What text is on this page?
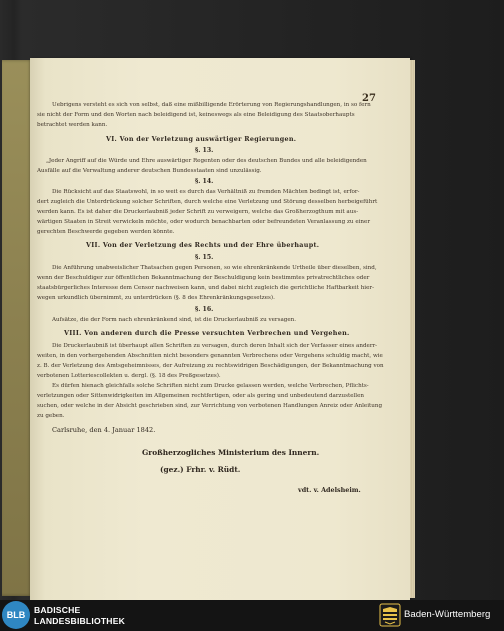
27
Uebrigens versteht es sich von selbst, daß eine mißbilligende Erörterung von Regierungshandlungen, in so fern
sie nicht der Form und den Worten nach beleidigend ist, keineswegs als eine Beleidigung des Staatsoberhaupts
betrachtet werden kann.
VI. Von der Verletzung auswärtiger Regierungen.
§. 13.
„Jeder Angriff auf die Würde und Ehre auswärtiger Regenten oder des deutschen Bundes und alle beleidigenden
Ausfälle auf die Verwaltung anderer deutschen Bundesstaaten sind unzulässig.
§. 14.
Die Rücksicht auf das Staatswohl, in so weit es durch das Verhältniß zu fremden Mächten bedingt ist, erfor-
dert zugleich die Unterdrückung solcher Schriften, durch welche eine Verletzung und Störung desselben herbeigeführt
werden kann. Es ist daher die Druckerlaubniß jeder Schrift zu verweigern, welche das Großherzogthum mit aus-
wärtigen Staaten in Streit verwickeln möchte, oder wodurch benachbarten oder befreundeten Veranlassung zu einer
gerechten Beschwerde gegeben werden könnte.
VII. Von der Verletzung des Rechts und der Ehre überhaupt.
§. 15.
Die Anführung unabweislicher Thatsachen gegen Personen, so wie ehrenkränkende Urtheile über dieselben, sind,
wenn der Beschuldiger zur öffentlichen Bekanntmachung der Beschuldigung kein bestimmtes privatrechtliches oder
staatsbürgerliches Interesse dem Censor nachweisen kann, und dabei nicht zugleich die gerichtliche Haftbarkeit hier-
wegen urkundlich übernimmt, zu unterdrücken (§. 8 des Ehrenkränkungsgesetzes).
§. 16.
Aufsätze, die der Form nach ehrenkränkend sind, ist die Druckerlaubniß zu versagen.
VIII. Von anderen durch die Presse versuchten Verbrechen und Vergehen.
Die Druckerlaubniß ist überhaupt allen Schriften zu versagen, durch deren Inhalt sich der Verfasser eines anderr-
weiten, in den vorhergehenden Abschnitten nicht besonders genannten Verbrechens oder Vergehens schuldig macht, wie
z. B. der Verletzung des Amtsgeheimnisses, der Aufreizung zu rechtswidrigen Beschädigungen, der Bekanntmachung von
verbotenen Lotteriescollekten u. dergl. (§. 18 des Preßgesetzes).
Es dürfen hienach gleichfalls solche Schriften nicht zum Drucke gelassen werden, welche Verbrechen, Pflichts-
verletzungen oder Sittenwidrigkeiten im Allgemeinen rechtfertigen, oder als gering und unbedeutend darzustellen
suchen, oder welche in der Absicht geschrieben sind, zur Verrichtung von verbotenen Handlungen Anreiz oder Anleitung
zu geben.
Carlsruhe, den 4. Januar 1842.
Großherzogliches Ministerium des Innern.
(gez.) Frhr. v. Rüdt.
vdt. v. Adelsheim.
BLB	BADISCHE
LANDESBIBLIOTHEK
Baden-Württemberg
